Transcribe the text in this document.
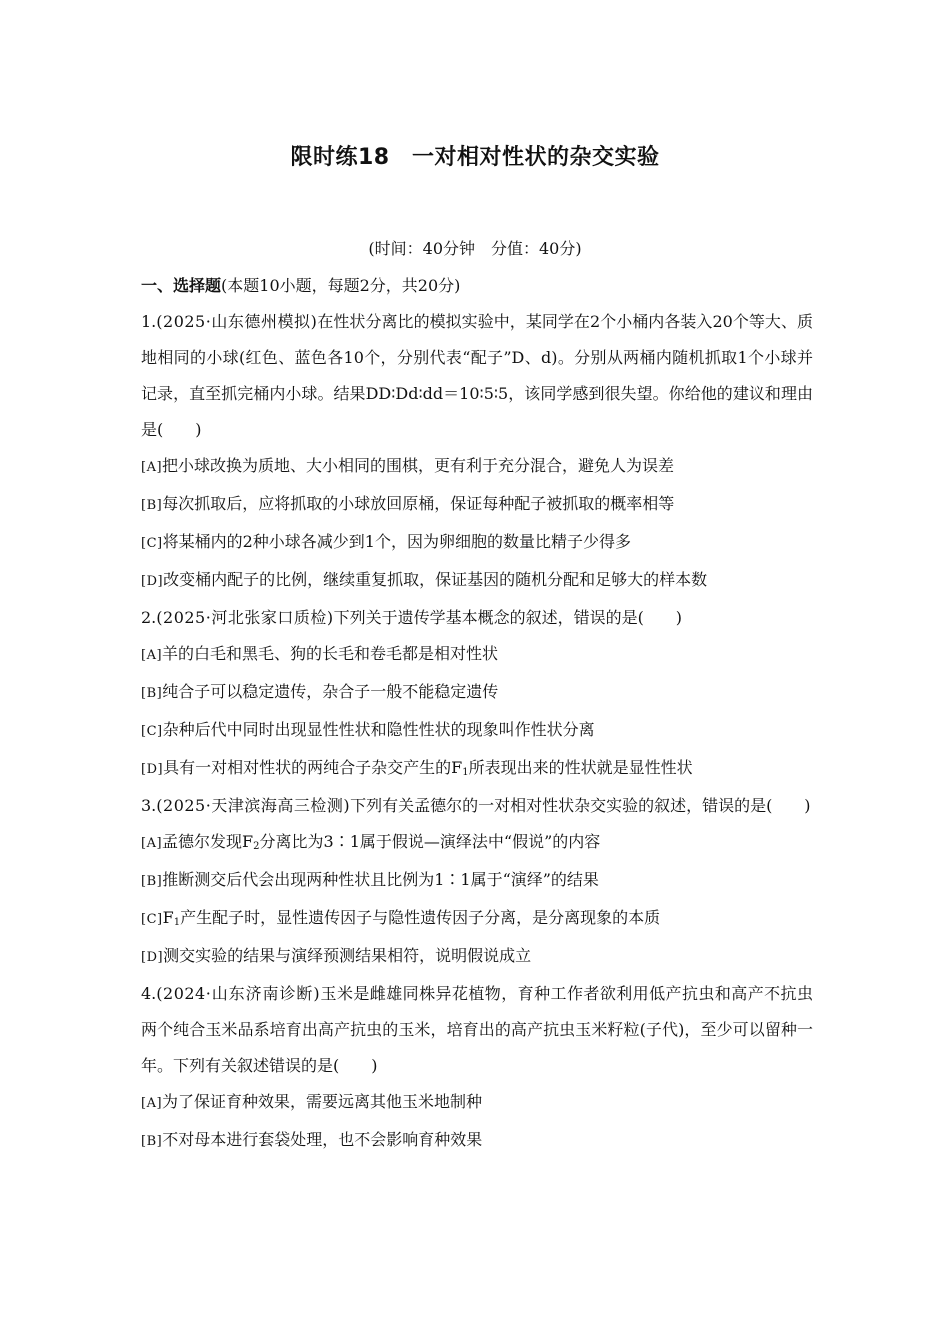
限时练18　一对相对性状的杂交实验
(时间：40分钟　分值：40分)
一、选择题(本题10小题，每题2分，共20分)
1.(2025·山东德州模拟)在性状分离比的模拟实验中，某同学在2个小桶内各装入20个等大、质地相同的小球(红色、蓝色各10个，分别代表“配子”D、d)。分别从两桶内随机抓取1个小球并记录，直至抓完桶内小球。结果DD∶Dd∶dd＝10∶5∶5，该同学感到很失望。你给他的建议和理由是(　　)
[A]把小球改换为质地、大小相同的围棋，更有利于充分混合，避免人为误差
[B]每次抓取后，应将抓取的小球放回原桶，保证每种配子被抓取的概率相等
[C]将某桶内的2种小球各减少到1个，因为卵细胞的数量比精子少得多
[D]改变桶内配子的比例，继续重复抓取，保证基因的随机分配和足够大的样本数
2.(2025·河北张家口质检)下列关于遗传学基本概念的叙述，错误的是(　　)
[A]羊的白毛和黑毛、狗的长毛和卷毛都是相对性状
[B]纯合子可以稳定遗传，杂合子一般不能稳定遗传
[C]杂种后代中同时出现显性性状和隐性性状的现象叫作性状分离
[D]具有一对相对性状的两纯合子杂交产生的$F_1$所表现出来的性状就是显性性状
3.(2025·天津滨海高三检测)下列有关孟德尔的一对相对性状杂交实验的叙述，错误的是(　　)
[A]孟德尔发现$F_2$分离比为3∶1属于假说—演绎法中“假说”的内容
[B]推断测交后代会出现两种性状且比例为1∶1属于“演绎”的结果
$[C]F_1$产生配子时，显性遗传因子与隐性遗传因子分离，是分离现象的本质
[D]测交实验的结果与演绎预测结果相符，说明假说成立
4.(2024·山东济南诊断)玉米是雌雄同株异花植物，育种工作者欲利用低产抗虫和高产不抗虫两个纯合玉米品系培育出高产抗虫的玉米，培育出的高产抗虫玉米籽粒(子代)，至少可以留种一年。下列有关叙述错误的是(　　)
[A]为了保证育种效果，需要远离其他玉米地制种
[B]不对母本进行套袋处理，也不会影响育种效果
